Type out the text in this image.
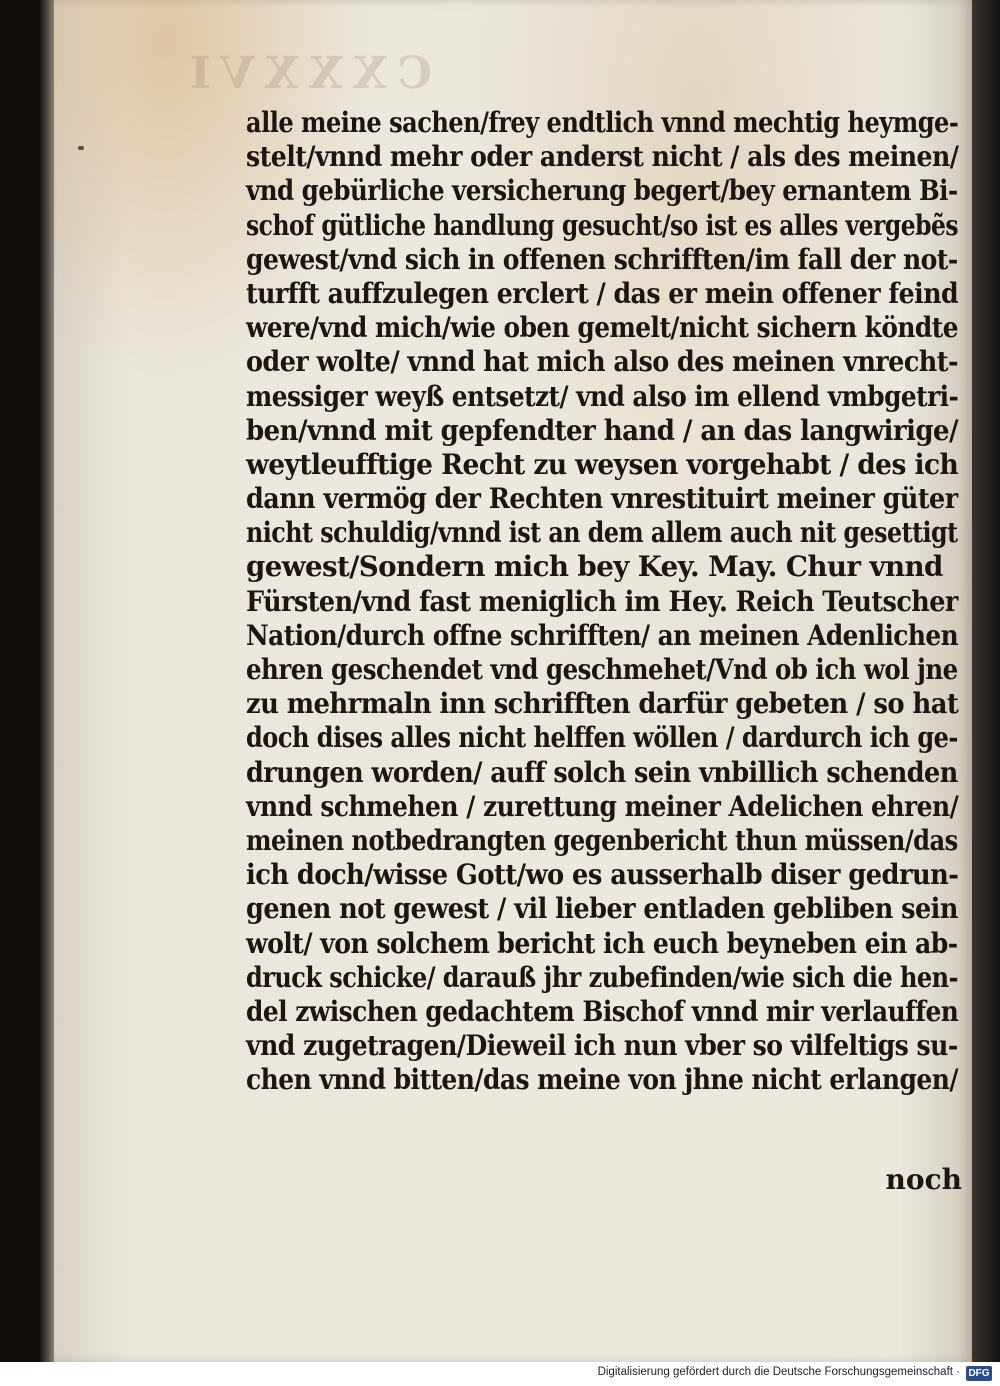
CXXXVI
alle meine sachen/frey endtlich vnnd mechtig heymge-
stelt/vnnd mehr oder anderst nicht / als des meinen/
vnd gebürliche versicherung begert/bey ernantem Bi-
schof gütliche handlung gesucht/so ist es alles vergebẽs
gewest/vnd sich in offenen schrifften/im fall der not-
turfft auffzulegen erclert / das er mein offener feind
were/vnd mich/wie oben gemelt/nicht sichern köndte
oder wolte/ vnnd hat mich also des meinen vnrecht-
messiger weyß entsetzt/ vnd also im ellend vmbgetri-
ben/vnnd mit gepfendter hand / an das langwirige/
weytleufftige Recht zu weysen vorgehabt / des ich
dann vermög der Rechten vnrestituirt meiner güter
nicht schuldig/vnnd ist an dem allem auch nit gesettigt
gewest/Sondern mich bey Key. May. Chur vnnd
Fürsten/vnd fast meniglich im Hey. Reich Teutscher
Nation/durch offne schrifften/ an meinen Adenlichen
ehren geschendet vnd geschmehet/Vnd ob ich wol jne
zu mehrmaln inn schrifften darfür gebeten / so hat
doch dises alles nicht helffen wöllen / dardurch ich ge-
drungen worden/ auff solch sein vnbillich schenden
vnnd schmehen / zurettung meiner Adelichen ehren/
meinen notbedrangten gegenbericht thun müssen/das
ich doch/wisse Gott/wo es ausserhalb diser gedrun-
genen not gewest / vil lieber entladen gebliben sein
wolt/ von solchem bericht ich euch beyneben ein ab-
druck schicke/ darauß jhr zubefinden/wie sich die hen-
del zwischen gedachtem Bischof vnnd mir verlauffen
vnd zugetragen/Dieweil ich nun vber so vilfeltigs su-
chen vnnd bitten/das meine von jhne nicht erlangen/
noch
Digitalisierung gefördert durch die Deutsche Forschungsgemeinschaft · DFG
